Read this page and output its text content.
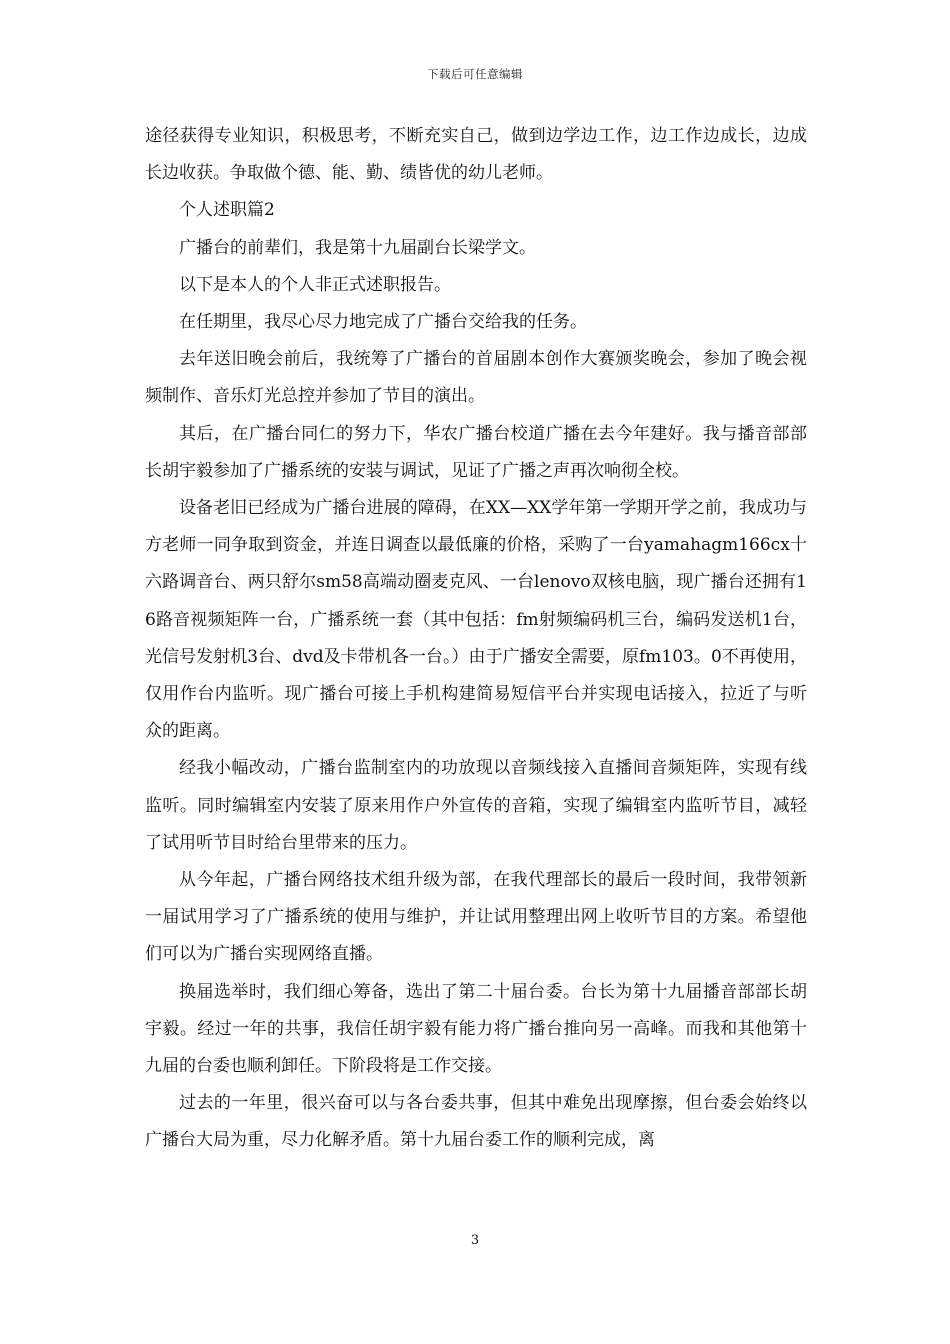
下载后可任意编辑

途径获得专业知识，积极思考，不断充实自己，做到边学边工作，边工作边成长，边成长边收获。争取做个德、能、勤、绩皆优的幼儿老师。

个人述职篇2

广播台的前辈们，我是第十九届副台长梁学文。

以下是本人的个人非正式述职报告。

在任期里，我尽心尽力地完成了广播台交给我的任务。

去年送旧晚会前后，我统筹了广播台的首届剧本创作大赛颁奖晚会，参加了晚会视频制作、音乐灯光总控并参加了节目的演出。

其后，在广播台同仁的努力下，华农广播台校道广播在去今年建好。我与播音部部长胡宇毅参加了广播系统的安装与调试，见证了广播之声再次响彻全校。

设备老旧已经成为广播台进展的障碍，在XX—XX学年第一学期开学之前，我成功与方老师一同争取到资金，并连日调查以最低廉的价格，采购了一台yamahagm166cx十六路调音台、两只舒尔sm58高端动圈麦克风、一台lenovo双核电脑，现广播台还拥有16路音视频矩阵一台，广播系统一套（其中包括：fm射频编码机三台，编码发送机1台，光信号发射机3台、dvd及卡带机各一台。）由于广播安全需要，原fm103。0不再使用，仅用作台内监听。现广播台可接上手机构建简易短信平台并实现电话接入，拉近了与听众的距离。

经我小幅改动，广播台监制室内的功放现以音频线接入直播间音频矩阵，实现有线监听。同时编辑室内安装了原来用作户外宣传的音箱，实现了编辑室内监听节目，减轻了试用听节目时给台里带来的压力。

从今年起，广播台网络技术组升级为部，在我代理部长的最后一段时间，我带领新一届试用学习了广播系统的使用与维护，并让试用整理出网上收听节目的方案。希望他们可以为广播台实现网络直播。

换届选举时，我们细心筹备，选出了第二十届台委。台长为第十九届播音部部长胡宇毅。经过一年的共事，我信任胡宇毅有能力将广播台推向另一高峰。而我和其他第十九届的台委也顺利卸任。下阶段将是工作交接。

过去的一年里，很兴奋可以与各台委共事，但其中难免出现摩擦，但台委会始终以广播台大局为重，尽力化解矛盾。第十九届台委工作的顺利完成，离

3
